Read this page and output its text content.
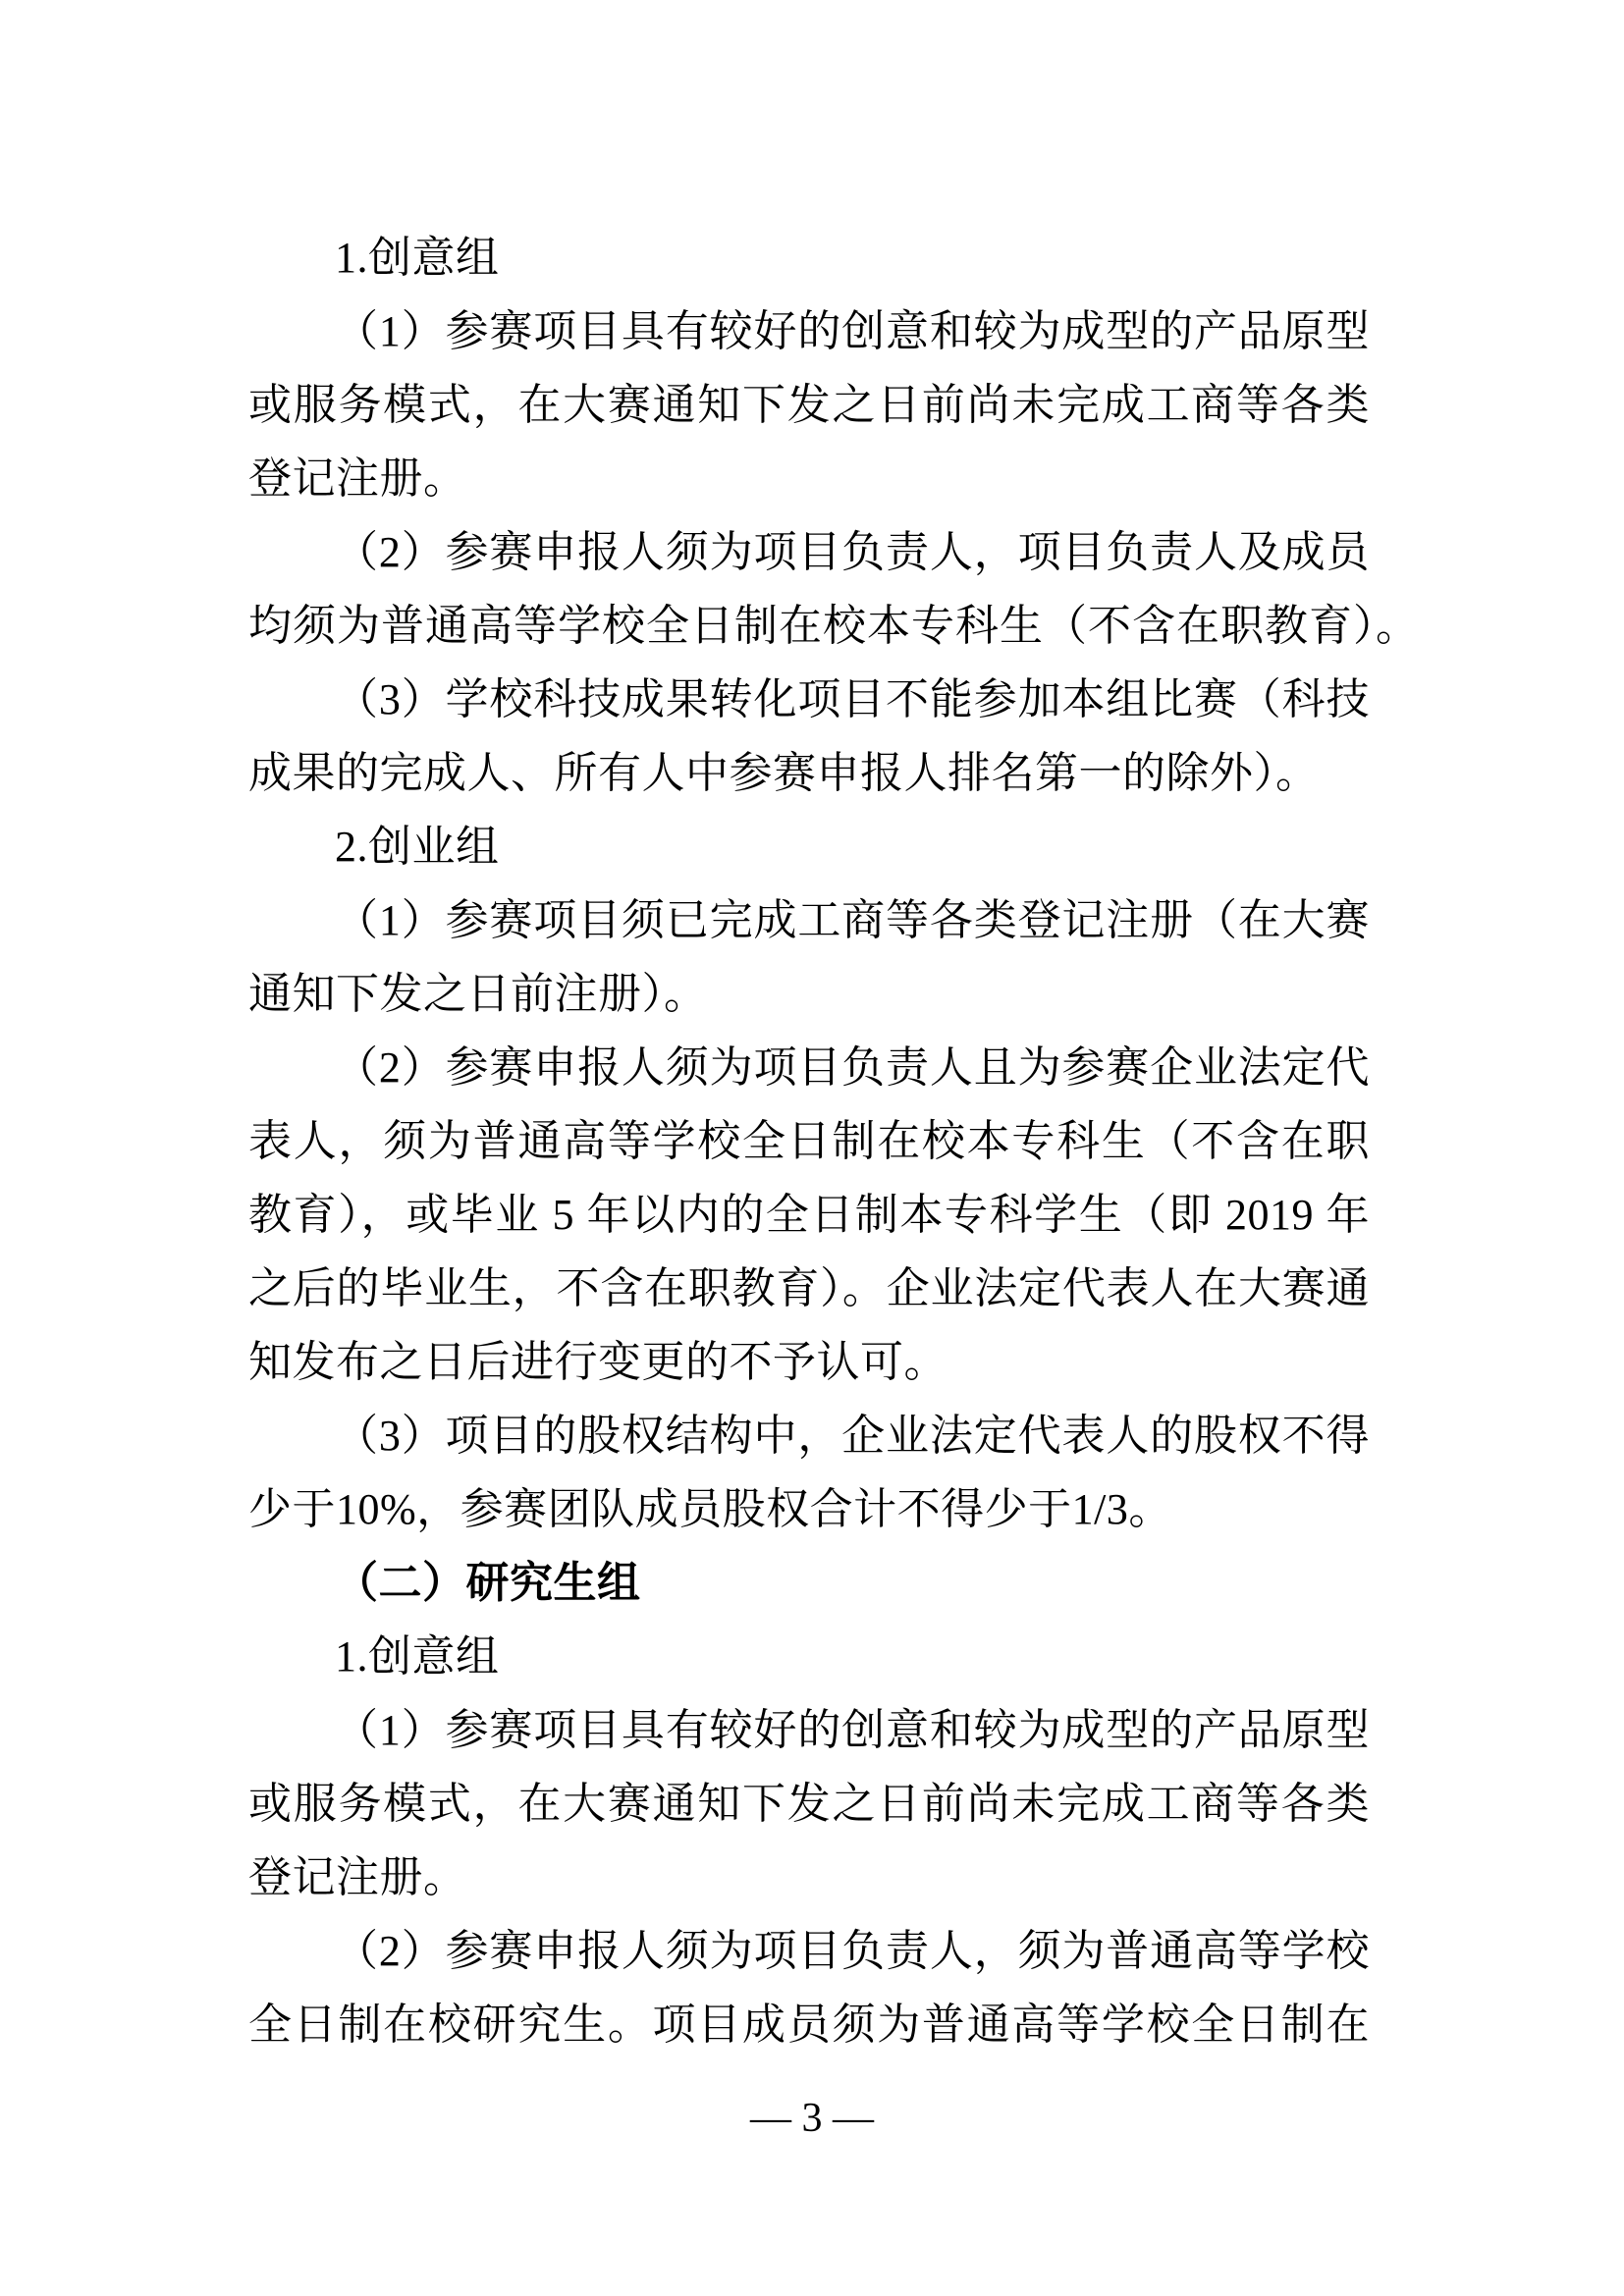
1.创意组
（1）参赛项目具有较好的创意和较为成型的产品原型
或服务模式，在大赛通知下发之日前尚未完成工商等各类
登记注册。
（2）参赛申报人须为项目负责人，项目负责人及成员
均须为普通高等学校全日制在校本专科生（不含在职教育）。
（3）学校科技成果转化项目不能参加本组比赛（科技
成果的完成人、所有人中参赛申报人排名第一的除外）。
2.创业组
（1）参赛项目须已完成工商等各类登记注册（在大赛
通知下发之日前注册）。
（2）参赛申报人须为项目负责人且为参赛企业法定代
表人，须为普通高等学校全日制在校本专科生（不含在职
教育），或毕业 5 年以内的全日制本专科学生（即 2019 年
之后的毕业生，不含在职教育）。企业法定代表人在大赛通
知发布之日后进行变更的不予认可。
（3）项目的股权结构中，企业法定代表人的股权不得
少于10%，参赛团队成员股权合计不得少于1/3。
（二）研究生组
1.创意组
（1）参赛项目具有较好的创意和较为成型的产品原型
或服务模式，在大赛通知下发之日前尚未完成工商等各类
登记注册。
（2）参赛申报人须为项目负责人，须为普通高等学校
全日制在校研究生。项目成员须为普通高等学校全日制在
— 3 —
